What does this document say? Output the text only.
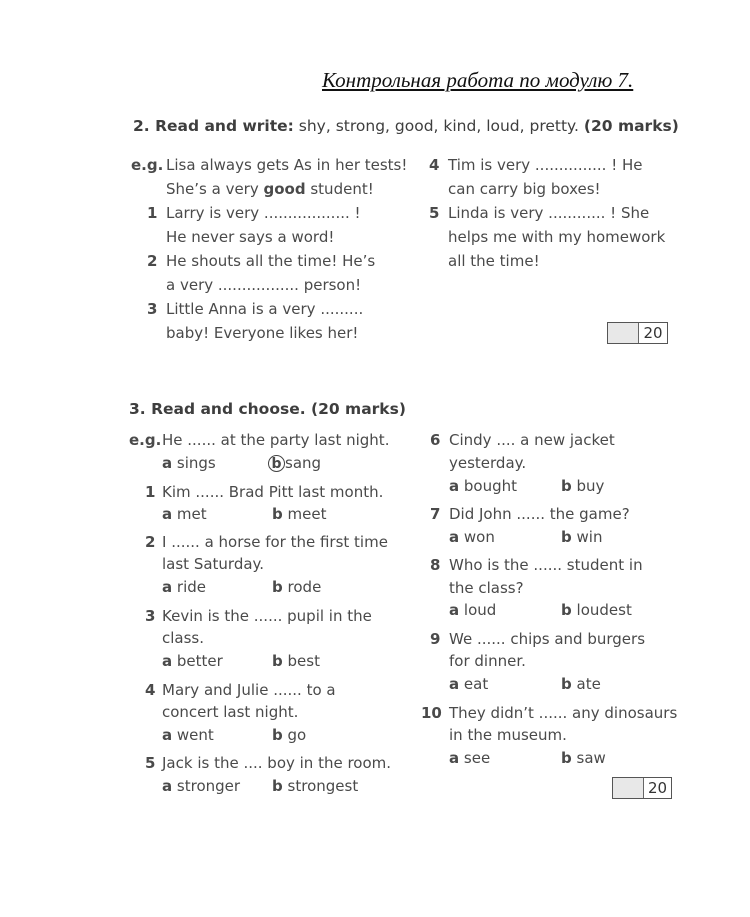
Контрольная работа по модулю 7.
2. Read and write: shy, strong, good, kind, loud, pretty. (20 marks)
e.g. Lisa always gets As in her tests!
She’s a very good student!
1 Larry is very .................. !
He never says a word!
2 He shouts all the time! He’s
a very ................. person!
3 Little Anna is a very .........
baby! Everyone likes her!
4 Tim is very ............... ! He
can carry big boxes!
5 Linda is very ............ ! She
helps me with my homework
all the time!
20
3. Read and choose. (20 marks)
e.g. He ...... at the party last night.
a sings	b sang
1 Kim ...... Brad Pitt last month.
a met	b meet
2 I ...... a horse for the first time
last Saturday.
a ride	b rode
3 Kevin is the ...... pupil in the
class.
a better	b best
4 Mary and Julie ...... to a
concert last night.
a went	b go
5 Jack is the .... boy in the room.
a stronger b strongest
6 Cindy .... a new jacket
yesterday.
a bought	b buy
7 Did John ...... the game?
a won	b win
8 Who is the ...... student in
the class?
a loud	b loudest
9 We ...... chips and burgers
for dinner.
a eat	b ate
10 They didn’t ...... any dinosaurs
in the museum.
a see	b saw
20
